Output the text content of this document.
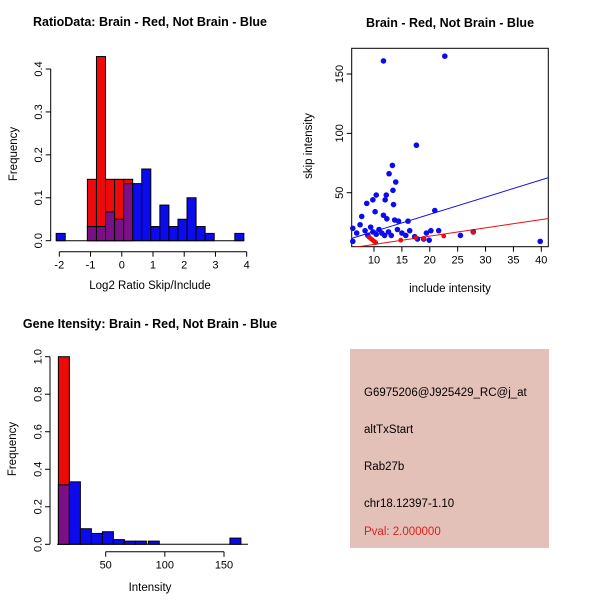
RatioData: Brain - Red, Not Brain - Blue
0.0
0.1
0.2
0.3
0.4
-2 -1 0 1 2 3 4
Log2 Ratio Skip/Include
Frequency
Brain - Red, Not Brain - Blue
10 15 20 25 30 35 40
50
100
150
include intensity
skip intensity
Gene Itensity: Brain - Red, Not Brain - Blue
0.0
0.2
0.4
0.6
0.8
1.0
50	100	150
Intensity
Frequency
G6975206@J925429_RC@j_at
altTxStart
Rab27b
chr18.12397-1.10
Pval: 2.000000
